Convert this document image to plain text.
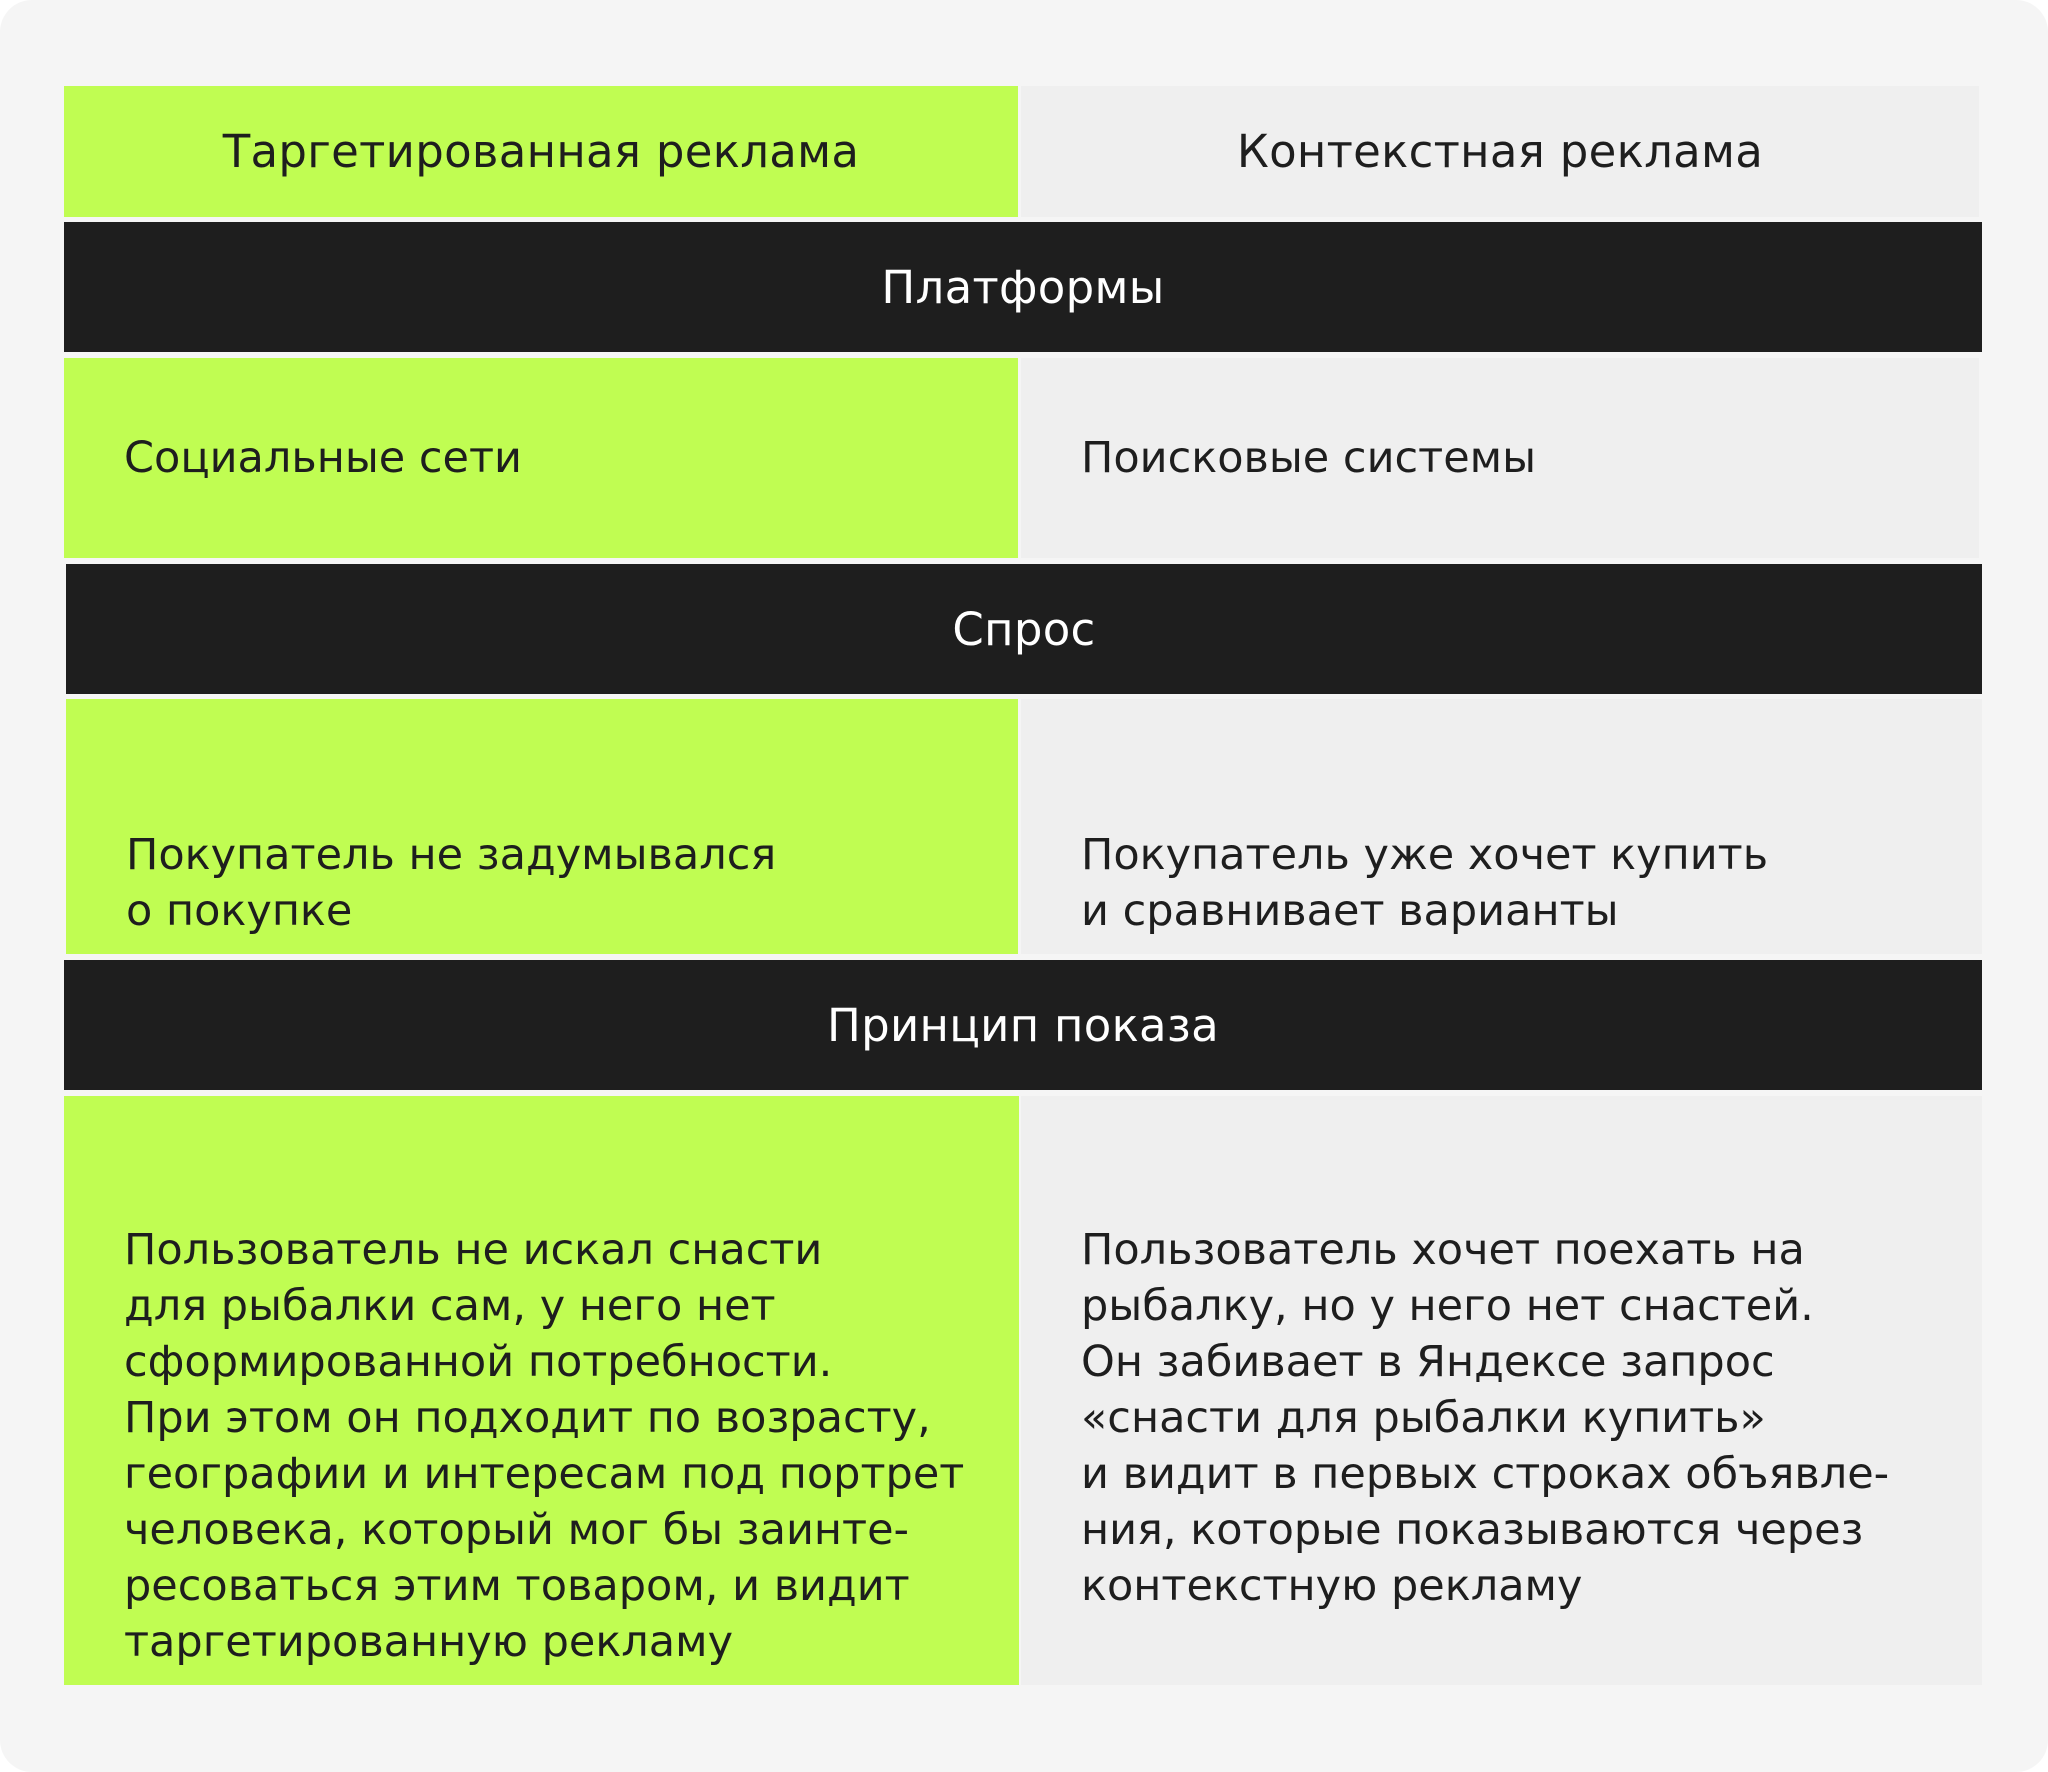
Таргетированная реклама	Контекстная реклама
Платформы
Социальные сети	Поисковые системы
Спрос

Покупатель не задумывался
о покупке

Покупатель уже хочет купить
и сравнивает варианты

Принцип показа

Пользователь не искал снасти
для рыбалки сам, у него нет
сформированной потребности.
При этом он подходит по возрасту,
географии и интересам под портрет
человека, который мог бы заинте-
ресоваться этим товаром, и видит
таргетированную рекламу

Пользователь хочет поехать на
рыбалку, но у него нет снастей.
Он забивает в Яндексе запрос
«снасти для рыбалки купить»
и видит в первых строках объявле-
ния, которые показываются через
контекстную рекламу
